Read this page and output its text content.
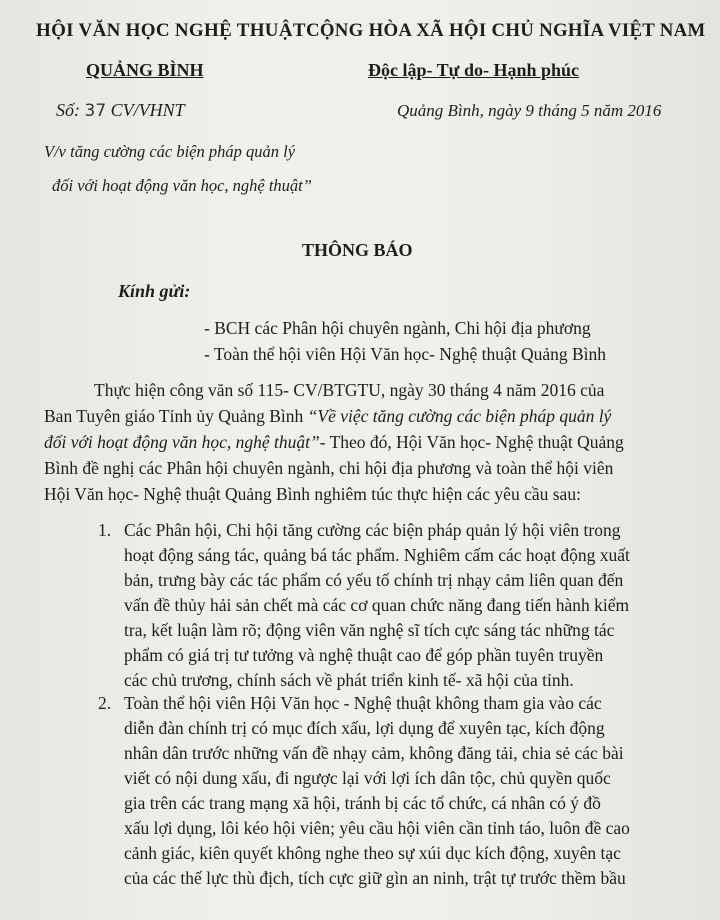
HỘI VĂN HỌC NGHỆ THUẬT
QUẢNG BÌNH
CỘNG HÒA XÃ HỘI CHỦ NGHĨA VIỆT NAM
Độc lập- Tự do- Hạnh phúc
Số: 37 CV/VHNT	Quảng Bình, ngày 9 tháng 5 năm 2016
V/v tăng cường các biện pháp quản lý
đối với hoạt động văn học, nghệ thuật”
THÔNG BÁO
Kính gửi:
- BCH các Phân hội chuyên ngành, Chi hội địa phương
- Toàn thể hội viên Hội Văn học- Nghệ thuật Quảng Bình
Thực hiện công văn số 115- CV/BTGTU, ngày 30 tháng 4 năm 2016 của
Ban Tuyên giáo Tỉnh ủy Quảng Bình “Về việc tăng cường các biện pháp quản lý
đối với hoạt động văn học, nghệ thuật”- Theo đó, Hội Văn học- Nghệ thuật Quảng
Bình đề nghị các Phân hội chuyên ngành, chi hội địa phương và toàn thể hội viên
Hội Văn học- Nghệ thuật Quảng Bình nghiêm túc thực hiện các yêu cầu sau:
1. Các Phân hội, Chi hội tăng cường các biện pháp quản lý hội viên trong
hoạt động sáng tác, quảng bá tác phẩm. Nghiêm cấm các hoạt động xuất
bản, trưng bày các tác phẩm có yếu tố chính trị nhạy cảm liên quan đến
vấn đề thủy hải sản chết mà các cơ quan chức năng đang tiến hành kiểm
tra, kết luận làm rõ; động viên văn nghệ sĩ tích cực sáng tác những tác
phẩm có giá trị tư tưởng và nghệ thuật cao để góp phần tuyên truyền
các chủ trương, chính sách về phát triển kinh tế- xã hội của tỉnh.
2. Toàn thể hội viên Hội Văn học - Nghệ thuật không tham gia vào các
diễn đàn chính trị có mục đích xấu, lợi dụng để xuyên tạc, kích động
nhân dân trước những vấn đề nhạy cảm, không đăng tải, chia sẻ các bài
viết có nội dung xấu, đi ngược lại với lợi ích dân tộc, chủ quyền quốc
gia trên các trang mạng xã hội, tránh bị các tổ chức, cá nhân có ý đồ
xấu lợi dụng, lôi kéo hội viên; yêu cầu hội viên cần tỉnh táo, luôn đề cao
cảnh giác, kiên quyết không nghe theo sự xúi dục kích động, xuyên tạc
của các thế lực thù địch, tích cực giữ gìn an ninh, trật tự trước thềm bầu
